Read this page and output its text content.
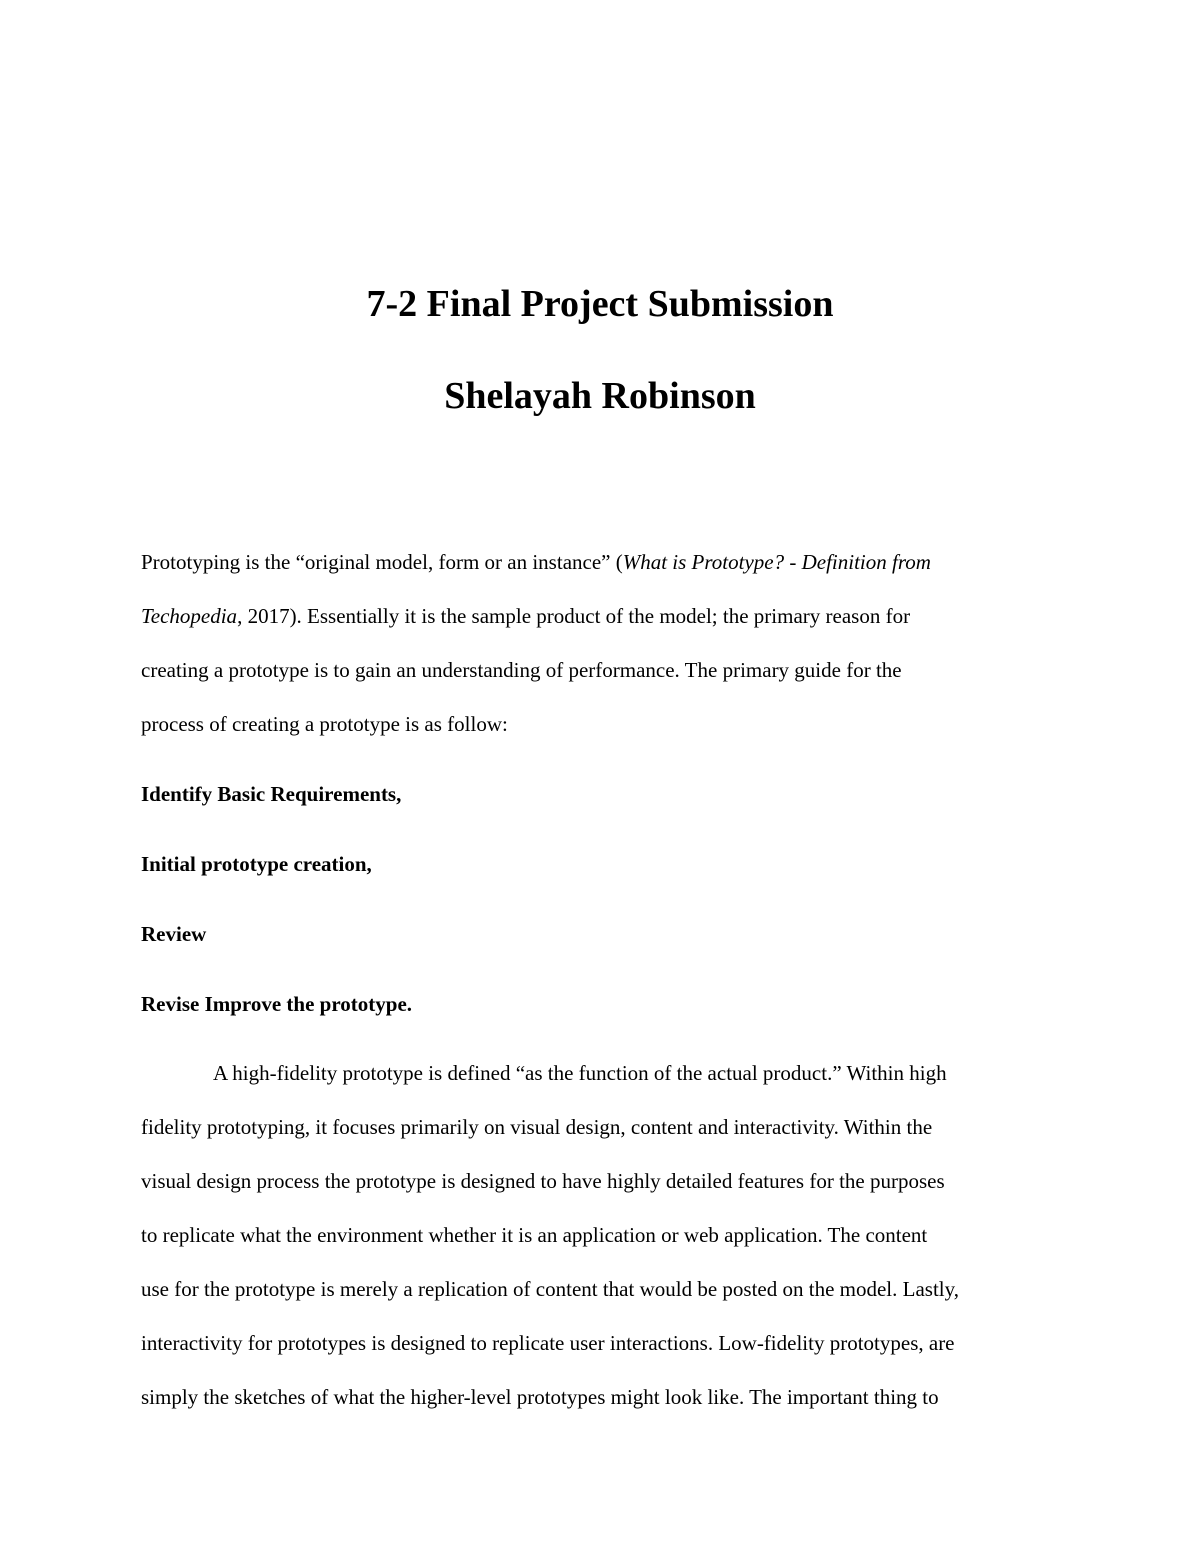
7-2 Final Project Submission
Shelayah Robinson
Prototyping is the “original model, form or an instance” (What is Prototype? - Definition from
Techopedia, 2017). Essentially it is the sample product of the model; the primary reason for
creating a prototype is to gain an understanding of performance. The primary guide for the
process of creating a prototype is as follow:
Identify Basic Requirements,
Initial prototype creation,
Review
Revise Improve the prototype.
A high-fidelity prototype is defined “as the function of the actual product.” Within high
fidelity prototyping, it focuses primarily on visual design, content and interactivity. Within the
visual design process the prototype is designed to have highly detailed features for the purposes
to replicate what the environment whether it is an application or web application. The content
use for the prototype is merely a replication of content that would be posted on the model. Lastly,
interactivity for prototypes is designed to replicate user interactions. Low-fidelity prototypes, are
simply the sketches of what the higher-level prototypes might look like. The important thing to
